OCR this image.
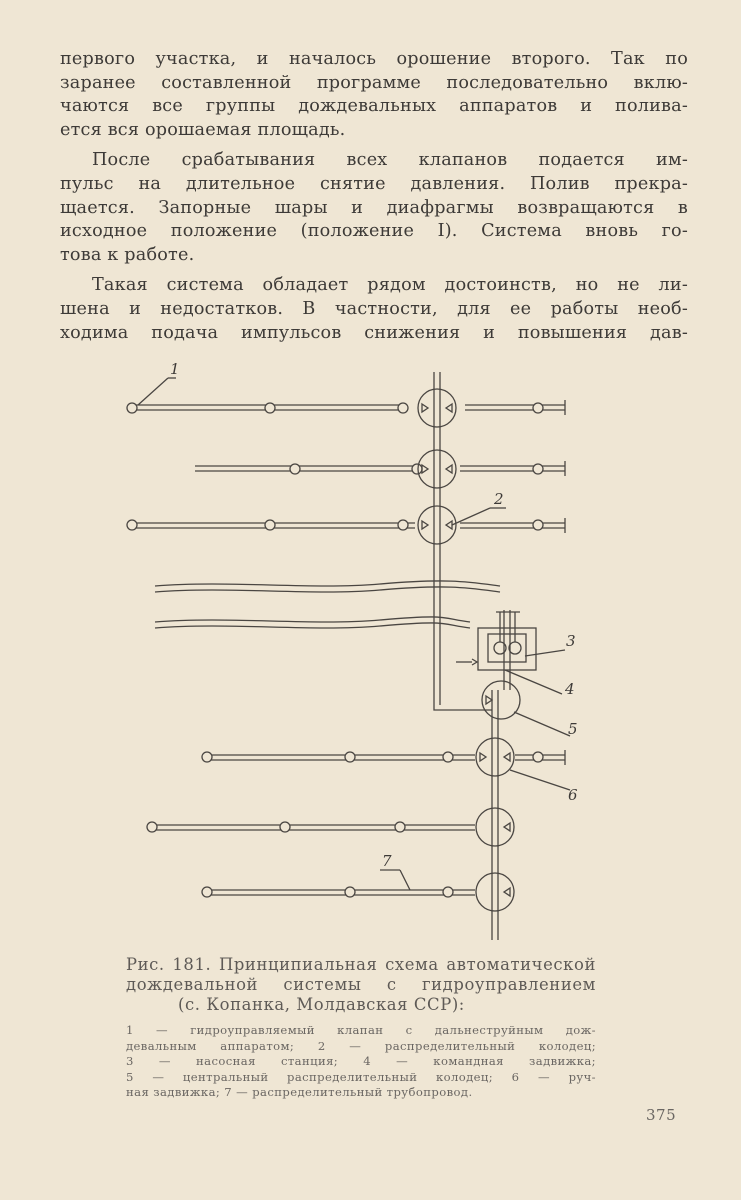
первого участка, и началось орошение второго. Так по
заранее составленной программе последовательно вклю-
чаются все группы дождевальных аппаратов и полива-
ется вся орошаемая площадь.

После срабатывания всех клапанов подается им-
пульс на длительное снятие давления. Полив прекра-
щается. Запорные шары и диафрагмы возвращаются в
исходное положение (положение I). Система вновь го-
това к работе.

Такая система обладает рядом достоинств, но не ли-
шена и недостатков. В частности, для ее работы необ-
ходима подача импульсов снижения и повышения дав-

1
2
3
4
5
6
7

Рис. 181. Принципиальная схема автоматической
дождевальной системы с гидроуправлением
(с. Копанка, Молдавская ССР):

1 — гидроуправляемый клапан с дальнеструйным дож-
девальным аппаратом; 2 — распределительный колодец;
3 — насосная станция; 4 — командная задвижка;
5 — центральный распределительный колодец; 6 — руч-
ная задвижка; 7 — распределительный трубопровод.
375
